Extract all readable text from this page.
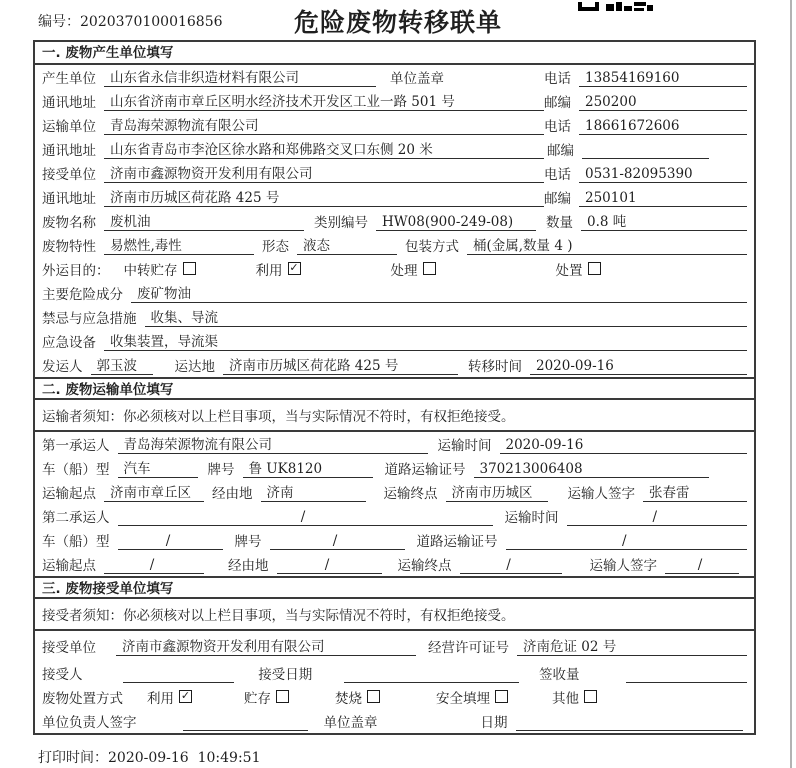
编号：2020370100016856	危险废物转移联单
一. 废物产生单位填写
产生单位	山东省永信非织造材料有限公司	单位盖章	电话	13854169160
通讯地址	山东省济南市章丘区明水经济技术开发区工业一路 501 号	邮编	250200
运输单位	青岛海荣源物流有限公司	电话	18661672606
通讯地址	山东省青岛市李沧区徐水路和郑佛路交叉口东侧 20 米	邮编
接受单位	济南市鑫源物资开发利用有限公司	电话	0531-82095390
通讯地址	济南市历城区荷花路 425 号	邮编	250101
废物名称	废机油	类别编号	HW08(900-249-08)	数量	0.8 吨
废物特性	易燃性,毒性	形态	液态	包装方式	桶(金属,数量 4 )
外运目的： 中转贮存	利用 ✓	处理	处置
主要危险成分	废矿物油
禁忌与应急措施	收集、导流
应急设备	收集装置，导流渠
发运人	郭玉波	运达地	济南市历城区荷花路 425 号	转移时间	2020-09-16
二. 废物运输单位填写
运输者须知：你必须核对以上栏目事项，当与实际情况不符时，有权拒绝接受。
第一承运人	青岛海荣源物流有限公司	运输时间	2020-09-16
车（船）型	汽车	牌号	鲁 UK8120	道路运输证号	370213006408
运输起点	济南市章丘区	经由地	济南	运输终点	济南市历城区	运输人签字	张春雷
第二承运人	/	运输时间	/
车（船）型	/	牌号	/	道路运输证号	/
运输起点	/	经由地	/	运输终点	/	运输人签字	/
三. 废物接受单位填写
接受者须知：你必须核对以上栏目事项，当与实际情况不符时，有权拒绝接受。
接受单位	济南市鑫源物资开发利用有限公司	经营许可证号	济南危证 02 号
接受人	接受日期	签收量
废物处置方式 利用 ✓	贮存	焚烧	安全填埋	其他
单位负责人签字	单位盖章	日期
打印时间：2020-09-16  10:49:51
